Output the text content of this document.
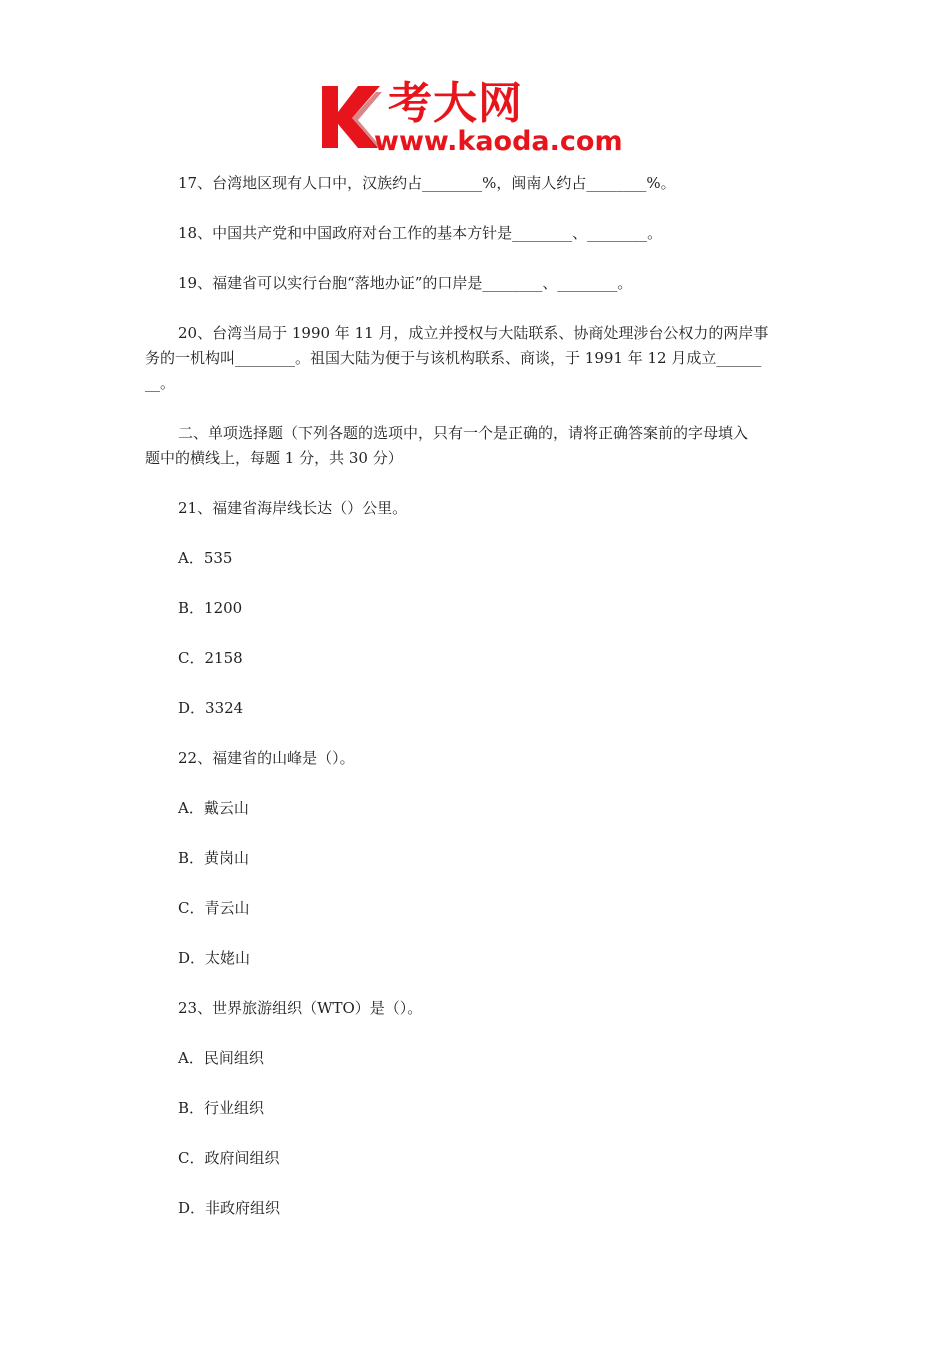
考大网
www.kaoda.com

17、台湾地区现有人口中，汉族约占________%，闽南人约占________%。

18、中国共产党和中国政府对台工作的基本方针是________、________。

19、福建省可以实行台胞“落地办证”的口岸是________、________。

20、台湾当局于 1990 年 11 月，成立并授权与大陆联系、协商处理涉台公权力的两岸事

务的一机构叫________。祖国大陆为便于与该机构联系、商谈，于 1991 年 12 月成立______

__。

二、单项选择题（下列各题的选项中，只有一个是正确的，请将正确答案前的字母填入

题中的横线上，每题 1 分，共 30 分）

21、福建省海岸线长达（）公里。

A．535

B．1200

C．2158

D．3324

22、福建省的山峰是（）。

A．戴云山

B．黄岗山

C．青云山

D．太姥山

23、世界旅游组织（WTO）是（）。

A．民间组织

B．行业组织

C．政府间组织

D．非政府组织
